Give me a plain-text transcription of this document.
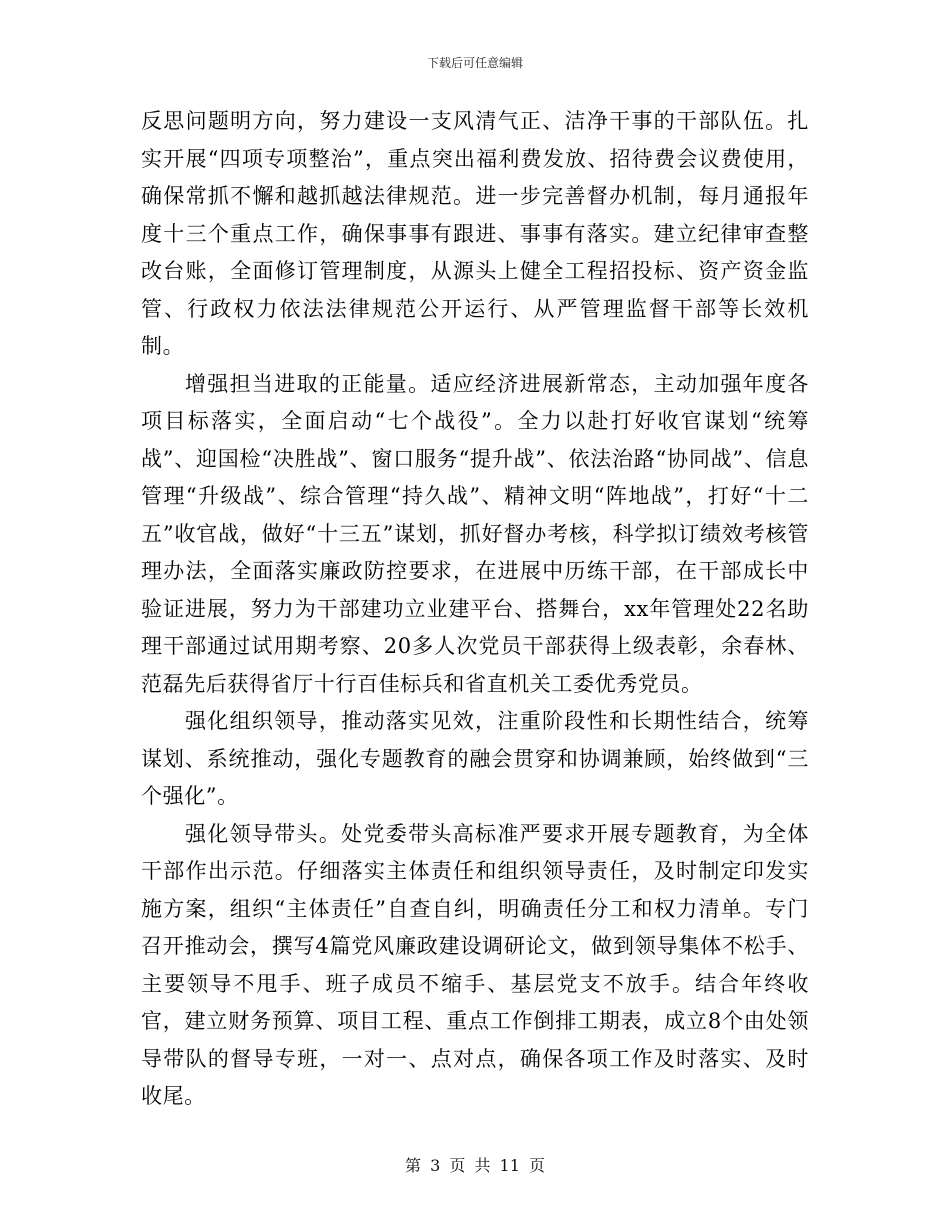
下载后可任意编辑

反思问题明方向，努力建设一支风清气正、洁净干事的干部队伍。扎实开展“四项专项整治”，重点突出福利费发放、招待费会议费使用，确保常抓不懈和越抓越法律规范。进一步完善督办机制，每月通报年度十三个重点工作，确保事事有跟进、事事有落实。建立纪律审查整改台账，全面修订管理制度，从源头上健全工程招投标、资产资金监管、行政权力依法法律规范公开运行、从严管理监督干部等长效机制。

增强担当进取的正能量。适应经济进展新常态，主动加强年度各项目标落实，全面启动“七个战役”。全力以赴打好收官谋划“统筹战”、迎国检“决胜战”、窗口服务“提升战”、依法治路“协同战”、信息管理“升级战”、综合管理“持久战”、精神文明“阵地战”，打好“十二五”收官战，做好“十三五”谋划，抓好督办考核，科学拟订绩效考核管理办法，全面落实廉政防控要求，在进展中历练干部，在干部成长中验证进展，努力为干部建功立业建平台、搭舞台，xx年管理处22名助理干部通过试用期考察、20多人次党员干部获得上级表彰，余春林、范磊先后获得省厅十行百佳标兵和省直机关工委优秀党员。

强化组织领导，推动落实见效，注重阶段性和长期性结合，统筹谋划、系统推动，强化专题教育的融会贯穿和协调兼顾，始终做到“三个强化”。

强化领导带头。处党委带头高标准严要求开展专题教育，为全体干部作出示范。仔细落实主体责任和组织领导责任，及时制定印发实施方案，组织“主体责任”自查自纠，明确责任分工和权力清单。专门召开推动会，撰写4篇党风廉政建设调研论文，做到领导集体不松手、主要领导不甩手、班子成员不缩手、基层党支不放手。结合年终收官，建立财务预算、项目工程、重点工作倒排工期表，成立8个由处领导带队的督导专班，一对一、点对点，确保各项工作及时落实、及时收尾。

第 3 页 共 11 页
